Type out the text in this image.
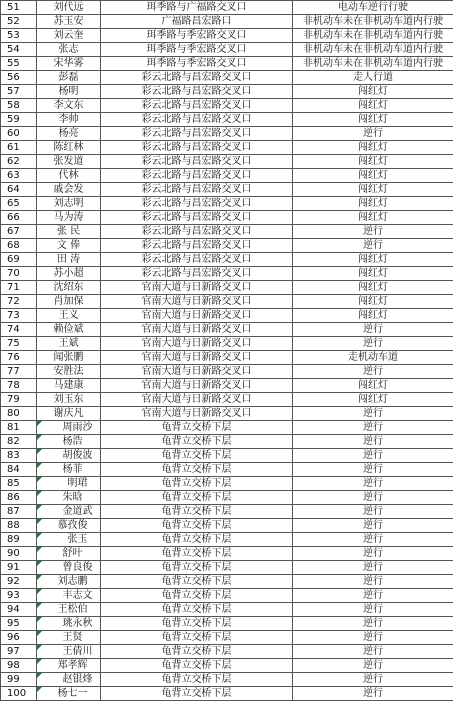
51	刘代远	珥季路与广福路交叉口	电动车逆行行驶
52	苏玉安	广福路昌宏路口	非机动车未在非机动车道内行驶
53	刘云奎	珥季路与季宏路交叉口	非机动车未在非机动车道内行驶
54	张志	珥季路与季宏路交叉口	非机动车未在非机动车道内行驶
55	宋华雾	珥季路与季宏路交叉口	非机动车未在非机动车道内行驶
56	彭磊	彩云北路与昌宏路交叉口	走人行道
57	杨明	彩云北路与昌宏路交叉口	闯红灯
58	李文东	彩云北路与昌宏路交叉口	闯红灯
59	李帅	彩云北路与昌宏路交叉口	闯红灯
60	杨亮	彩云北路与昌宏路交叉口	逆行
61	陈红林	彩云北路与昌宏路交叉口	闯红灯
62	张发道	彩云北路与昌宏路交叉口	闯红灯
63	代林	彩云北路与昌宏路交叉口	闯红灯
64	戚会发	彩云北路与昌宏路交叉口	闯红灯
65	刘志明	彩云北路与昌宏路交叉口	闯红灯
66	马为涛	彩云北路与昌宏路交叉口	闯红灯
67	张 民	彩云北路与昌宏路交叉口	逆行
68	文 俸	彩云北路与昌宏路交叉口	逆行
69	田 涛	彩云北路与昌宏路交叉口	闯红灯
70	苏小超	彩云北路与昌宏路交叉口	闯红灯
71	沈绍东	官南大道与日新路交叉口	闯红灯
72	肖加保	官南大道与日新路交叉口	闯红灯
73	王义	官南大道与日新路交叉口	闯红灯
74	赖俭斌	官南大道与日新路交叉口	逆行
75	王斌	官南大道与日新路交叉口	逆行
76	闻张鹏	官南大道与日新路交叉口	走机动车道
77	安胜法	官南大道与日新路交叉口	逆行
78	马建康	官南大道与日新路交叉口	闯红灯
79	刘玉东	官南大道与日新路交叉口	闯红灯
80	谢庆凡	官南大道与日新路交叉口	逆行
81	周雨沙	龟背立交桥下层	逆行
82	杨浩	龟背立交桥下层	逆行
83	胡俊波	龟背立交桥下层	逆行
84	杨菲	龟背立交桥下层	逆行
85	明珺	龟背立交桥下层	逆行
86	朱晗	龟背立交桥下层	逆行
87	金道武	龟背立交桥下层	逆行
88	慕孜俊	龟背立交桥下层	逆行
89	张玉	龟背立交桥下层	逆行
90	舒叶	龟背立交桥下层	逆行
91	曾良俊	龟背立交桥下层	逆行
92	刘志鹏	龟背立交桥下层	逆行
93	丰志文	龟背立交桥下层	逆行
94	王松伯	龟背立交桥下层	逆行
95	珧永秋	龟背立交桥下层	逆行
96	王贤	龟背立交桥下层	逆行
97	王倩川	龟背立交桥下层	逆行
98	郑孝辉	龟背立交桥下层	逆行
99	赵银烽	龟背立交桥下层	逆行
100	杨七一	龟背立交桥下层	逆行
